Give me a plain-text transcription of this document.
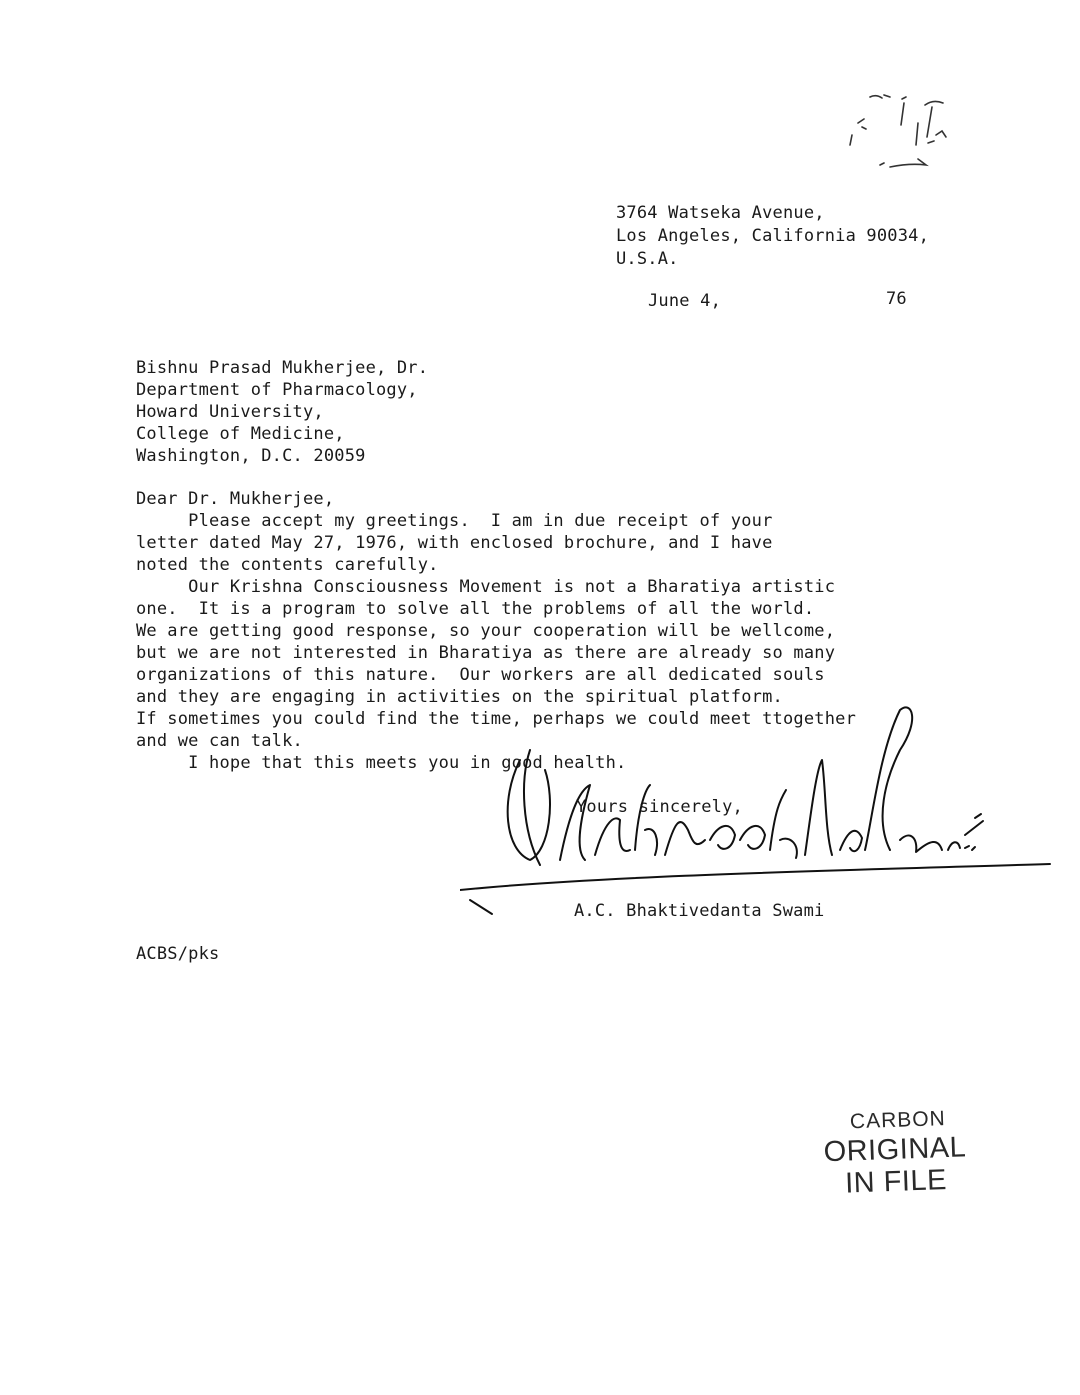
3764 Watseka Avenue,
Los Angeles, California 90034,
U.S.A.
June 4,	76
Bishnu Prasad Mukherjee, Dr.
Department of Pharmacology,
Howard University,
College of Medicine,
Washington, D.C. 20059
Dear Dr. Mukherjee,
Please accept my greetings.  I am in due receipt of your
letter dated May 27, 1976, with enclosed brochure, and I have
noted the contents carefully.
Our Krishna Consciousness Movement is not a Bharatiya artistic
one.  It is a program to solve all the problems of all the world.
We are getting good response, so your cooperation will be wellcome,
but we are not interested in Bharatiya as there are already so many
organizations of this nature.  Our workers are all dedicated souls
and they are engaging in activities on the spiritual platform.
If sometimes you could find the time, perhaps we could meet ttogether
and we can talk.
I hope that this meets you in good health.
Yours sincerely,
A.C. Bhaktivedanta Swami
ACBS/pks
CARBON
ORIGINAL
IN FILE
